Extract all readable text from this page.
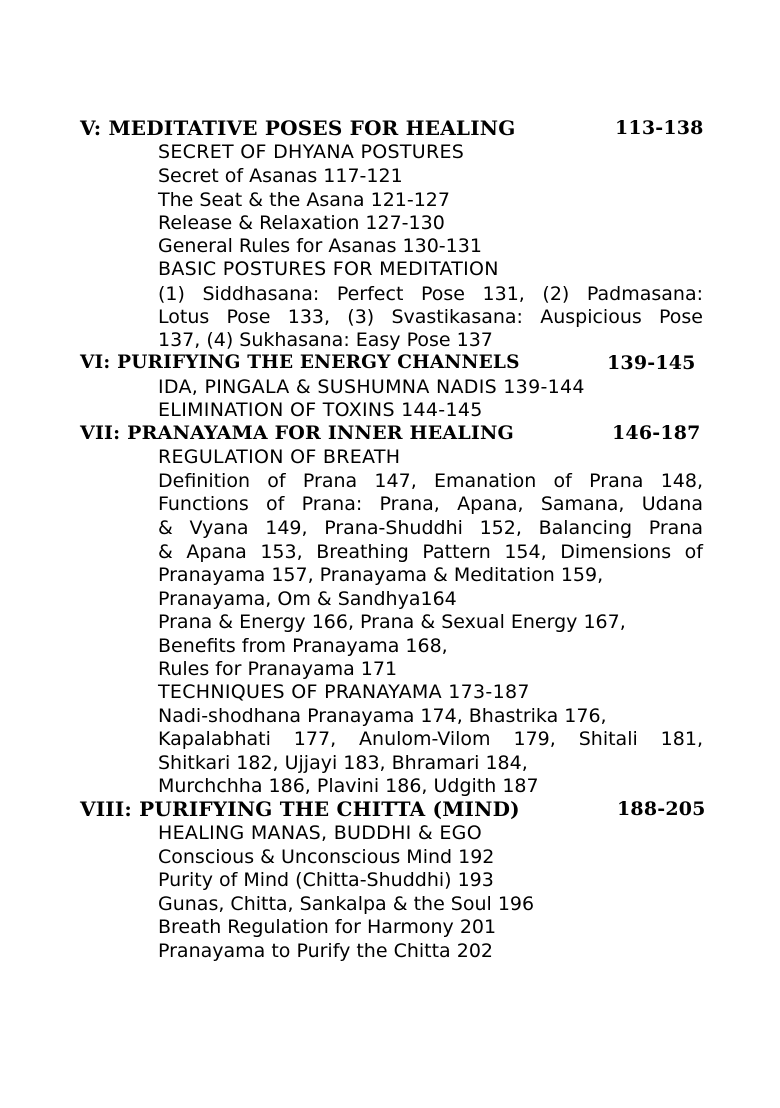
V: MEDITATIVE POSES FOR HEALING	113-138
SECRET OF DHYANA POSTURES
Secret of Asanas 117-121
The Seat & the Asana 121-127
Release & Relaxation 127-130
General Rules for Asanas 130-131
BASIC POSTURES FOR MEDITATION
(1) Siddhasana: Perfect Pose 131, (2) Padmasana:
Lotus Pose 133, (3) Svastikasana: Auspicious Pose
137, (4) Sukhasana: Easy Pose 137
VI: PURIFYING THE ENERGY CHANNELS	139-145
IDA, PINGALA & SUSHUMNA NADIS 139-144
ELIMINATION OF TOXINS 144-145
VII: PRANAYAMA FOR INNER HEALING	146-187
REGULATION OF BREATH
Definition of Prana 147, Emanation of Prana 148,
Functions of Prana: Prana, Apana, Samana, Udana
& Vyana 149, Prana-Shuddhi 152, Balancing Prana
& Apana 153, Breathing Pattern 154, Dimensions of
Pranayama 157, Pranayama & Meditation 159,
Pranayama, Om & Sandhya164
Prana & Energy 166, Prana & Sexual Energy 167,
Benefits from Pranayama 168,
Rules for Pranayama 171
TECHNIQUES OF PRANAYAMA 173-187
Nadi-shodhana Pranayama 174, Bhastrika 176,
Kapalabhati 177, Anulom-Vilom 179, Shitali 181,
Shitkari 182, Ujjayi 183, Bhramari 184,
Murchchha 186, Plavini 186, Udgith 187
VIII: PURIFYING THE CHITTA (MIND)	188-205
HEALING MANAS, BUDDHI & EGO
Conscious & Unconscious Mind 192
Purity of Mind (Chitta-Shuddhi) 193
Gunas, Chitta, Sankalpa & the Soul 196
Breath Regulation for Harmony 201
Pranayama to Purify the Chitta 202
